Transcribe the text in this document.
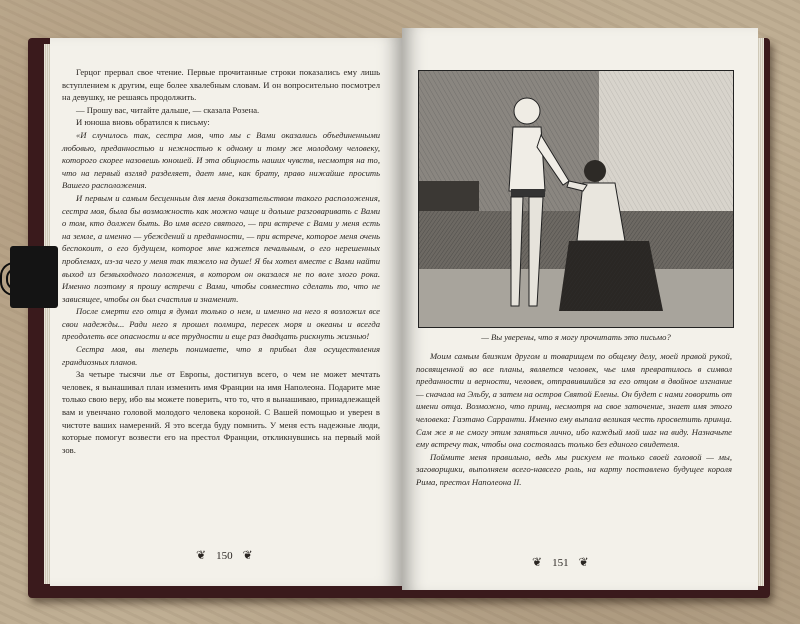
Герцог прервал свое чтение. Первые прочитанные строки показались ему лишь вступлением к другим, еще более хвалебным словам. И он вопросительно посмотрел на девушку, не решаясь продолжить.

— Прошу вас, читайте дальше, — сказала Розена.

И юноша вновь обратился к письму:

«И случилось так, сестра моя, что мы с Вами оказались объединенными любовью, преданностью и нежностью к одному и тому же молодому человеку, которого скорее назовешь юношей. И эта общность наших чувств, несмотря на то, что на первый взгляд разделяет, дает мне, как брату, право нижайше просить Вашего расположения.

И первым и самым бесценным для меня доказательством такого расположения, сестра моя, была бы возможность как можно чаще и дольше разговаривать с Вами о том, кто должен быть. Во имя всего святого, — при встрече с Вами у меня есть на земле, а именно — убеждений и преданности, — при встрече, которое меня очень беспокоит, о его будущем, которое мне кажется печальным, о его нерешенных проблемах, из-за чего у меня так тяжело на душе! Я бы хотел вместе с Вами найти выход из безвыходного положения, в котором он оказался не по воле злого рока. Именно поэтому я прошу встречи с Вами, чтобы совместно сделать то, что не зависящее, чтобы он был счастлив и знаменит.

После смерти его отца я думал только о нем, и именно на него я возложил все свои надежды... Ради него я прошел полмира, пересек моря и океаны и всегда преодолеть все опасности и все трудности и еще раз двадцать рискнуть жизнью!

Сестра моя, вы теперь понимаете, что я прибыл для осуществления грандиозных планов.

За четыре тысячи лье от Европы, достигнув всего, о чем не может мечтать человек, я вынашивал план изменить имя Франции на имя Наполеона. Подарите мне только свою веру, ибо вы можете поверить, что то, что я вынашиваю, принадлежащей вам и увенчано головой молодого человека короной. С Вашей помощью и уверен в чистоте ваших намерений. Я это всегда буду помнить. У меня есть надежные люди, которые помогут возвести его на престол Франции, откликнувшись на первый мой зов.

❦ 150 ❦
— Вы уверены, что я могу прочитать это письмо?

Моим самым близким другом и товарищем по общему делу, моей правой рукой, посвященной во все планы, является человек, чье имя превратилось в символ преданности и верности, человек, отправившийся за его отцом в двойное изгнание — сначала на Эльбу, а затем на остров Святой Елены. Он будет с нами говорить от имени отца. Возможно, что принц, несмотря на свое заточение, знает имя этого человека: Гаэтано Сарранти. Именно ему выпала великая честь просветить принца. Сам же я не смогу этим заняться лично, ибо каждый мой шаг на виду. Назначьте ему встречу так, чтобы она состоялась только без единого свидетеля.

Поймите меня правильно, ведь мы рискуем не только своей головой — мы, заговорщики, выполняем всего-навсего роль, на карту поставлено будущее короля Рима, престол Наполеона II.

❦ 151 ❦
